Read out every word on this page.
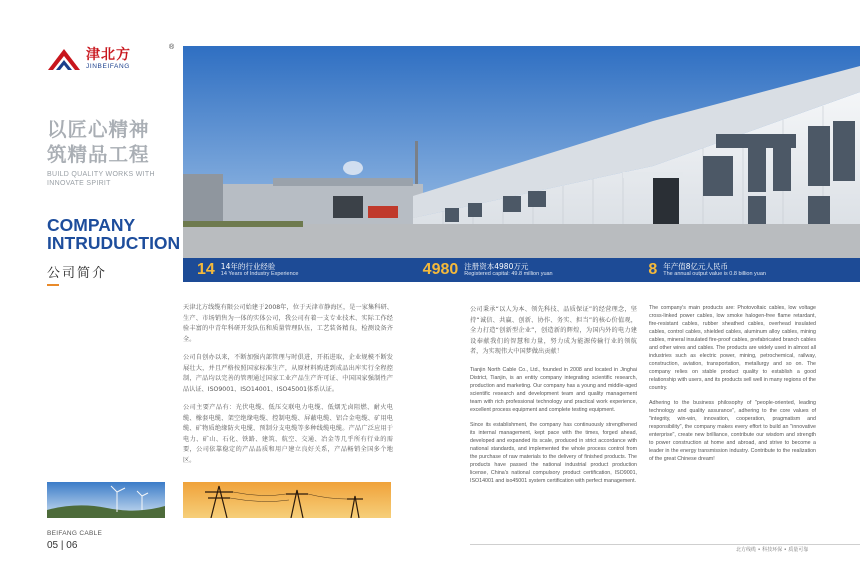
津北方
JINBEIFANG
®
以匠心精神
筑精品工程
BUILD QUALITY WORKS WITH
INNOVATE SPIRIT
COMPANY
INTRUDUCTION
公司简介	14 14年的行业经验
14 Years of Industry Experience	4980 注册资本4980万元
Registered capital: 49.8 million yuan	8 年产值8亿元人民币
The annual output value is 0.8 billion yuan

天津北方线缆有限公司始建于2008年，位于天津市静海区，是一家集科研、生产、市场销售为一体的实体公司，我公司有着一支专业技术、实际工作经验丰富的中青年科研开发队伍和质量管理队伍，工艺装备精良，检测设备齐全。

公司自创办以来，不断加强内部管理与时俱进，开拓进取，企业规模不断发展壮大，并且严格按照国家标准生产，从原材料购进到成品出库实行全程控制，产品均以完善的管理通过国家工业产品生产许可证、中国国家强制性产品认证、ISO9001、ISO14001、ISO45001体系认证。

公司主要产品有：光伏电缆、低压交联电力电缆、低烟无卤阻燃、耐火电缆、橡套电缆、架空绝缘电缆、控制电缆、屏蔽电缆、铝合金电缆、矿用电缆、矿物质绝缘防火电缆、预制分支电缆等多种线缆电缆。产品广泛应用于电力、矿山、石化、铁路、建筑、航空、交通、冶金等几乎所有行业的需要，公司依靠稳定的产品品质和用户建立良好关系，产品畅销全国多个地区。

公司秉承“以人为本、领先科技、品质保证”的经营理念，坚持“诚信、共赢、创新、协作、务实、担当”的核心价值观，全力打造“创新型企业”，创造新的辉煌，为国内外的电力建设奉献我们的智慧和力量，努力成为能源传输行业的领航者，为实现伟大中国梦做出贡献！

Tianjin North Cable Co., Ltd., founded in 2008 and located in Jinghai District, Tianjin, is an entity company integrating scientific research, production and marketing. Our company has a young and middle-aged scientific research and development team and quality management team with rich professional technology and practical work experience, excellent process equipment and complete testing equipment.

Since its establishment, the company has continuously strengthened its internal management, kept pace with the times, forged ahead, developed and expanded its scale, produced in strict accordance with national standards, and implemented the whole process control from the purchase of raw materials to the delivery of finished products. The products have passed the national industrial product production license, China's national compulsory product certification, ISO9001, ISO14001 and iso45001 system certification with perfect management.

The company's main products are: Photovoltaic cables, low voltage cross-linked power cables, low smoke halogen-free flame retardant, fire-resistant cables, rubber sheathed cables, overhead insulated cables, control cables, shielded cables, aluminum alloy cables, mining cables, mineral insulated fire-proof cables, prefabricated branch cables and other wires and cables. The products are widely used in almost all industries such as electric power, mining, petrochemical, railway, construction, aviation, transportation, metallurgy and so on. The company relies on stable product quality to establish a good relationship with users, and its products sell well in many regions of the country.

Adhering to the business philosophy of "people-oriented, leading technology and quality assurance", adhering to the core values of "integrity, win-win, innovation, cooperation, pragmatism and responsibility", the company makes every effort to build an "innovative enterprise", create new brilliance, contribute our wisdom and strength to power construction at home and abroad, and strive to become a leader in the energy transmission industry. Contribute to the realization of the great Chinese dream!

BEIFANG CABLE
05 | 06	北方线缆 • 科技环保 • 质量可靠
